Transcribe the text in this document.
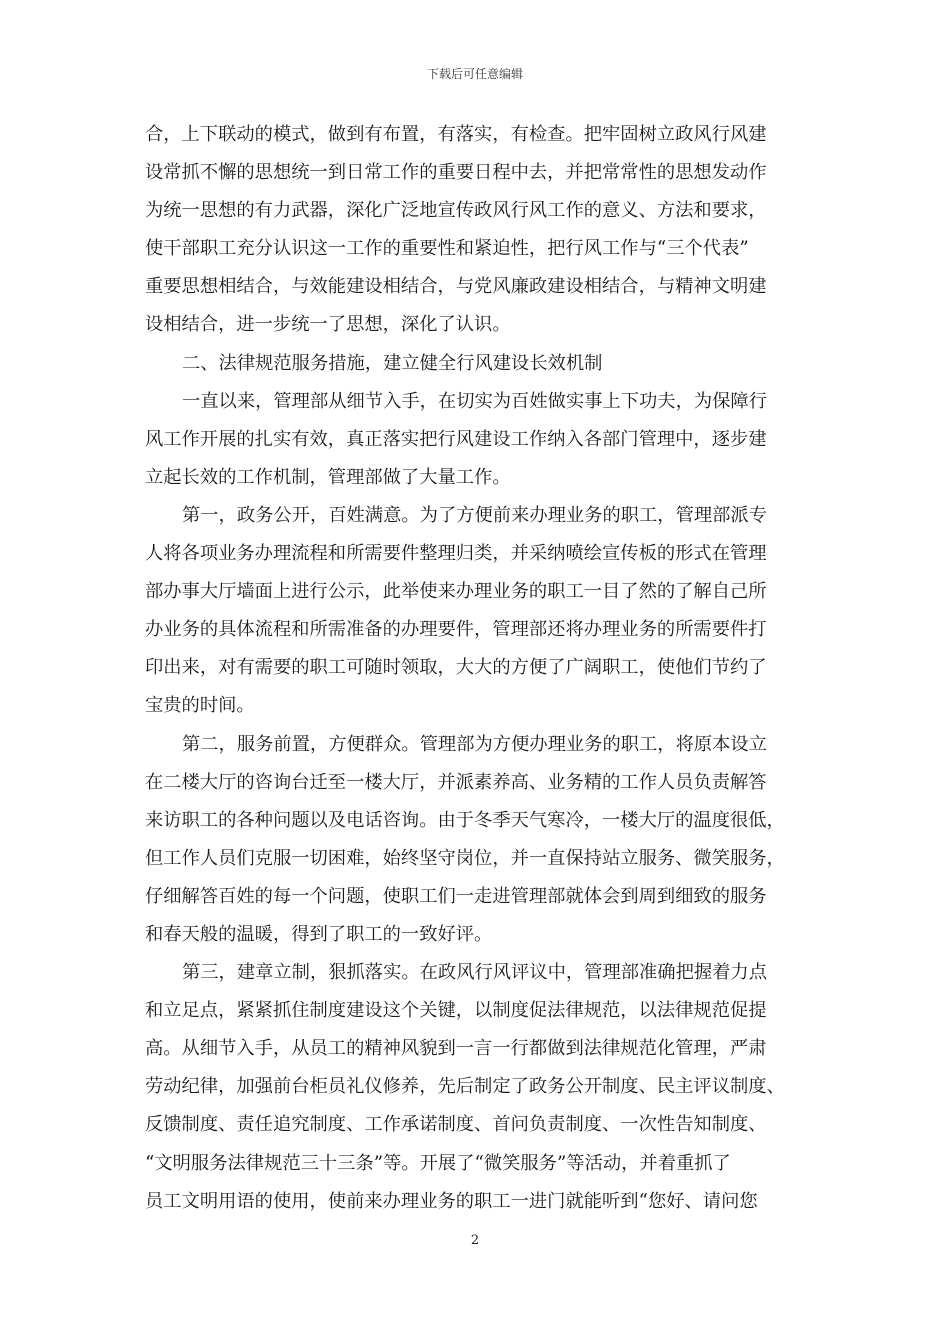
下载后可任意编辑
合，上下联动的模式，做到有布置，有落实，有检查。把牢固树立政风行风建
设常抓不懈的思想统一到日常工作的重要日程中去，并把常常性的思想发动作
为统一思想的有力武器，深化广泛地宣传政风行风工作的意义、方法和要求，
使干部职工充分认识这一工作的重要性和紧迫性，把行风工作与“三个代表”
重要思想相结合，与效能建设相结合，与党风廉政建设相结合，与精神文明建
设相结合，进一步统一了思想，深化了认识。
二、法律规范服务措施，建立健全行风建设长效机制
一直以来，管理部从细节入手，在切实为百姓做实事上下功夫，为保障行
风工作开展的扎实有效，真正落实把行风建设工作纳入各部门管理中，逐步建
立起长效的工作机制，管理部做了大量工作。
第一，政务公开，百姓满意。为了方便前来办理业务的职工，管理部派专
人将各项业务办理流程和所需要件整理归类，并采纳喷绘宣传板的形式在管理
部办事大厅墙面上进行公示，此举使来办理业务的职工一目了然的了解自己所
办业务的具体流程和所需准备的办理要件，管理部还将办理业务的所需要件打
印出来，对有需要的职工可随时领取，大大的方便了广阔职工，使他们节约了
宝贵的时间。
第二，服务前置，方便群众。管理部为方便办理业务的职工，将原本设立
在二楼大厅的咨询台迁至一楼大厅，并派素养高、业务精的工作人员负责解答
来访职工的各种问题以及电话咨询。由于冬季天气寒冷，一楼大厅的温度很低，
但工作人员们克服一切困难，始终坚守岗位，并一直保持站立服务、微笑服务，
仔细解答百姓的每一个问题，使职工们一走进管理部就体会到周到细致的服务
和春天般的温暖，得到了职工的一致好评。
第三，建章立制，狠抓落实。在政风行风评议中，管理部准确把握着力点
和立足点，紧紧抓住制度建设这个关键，以制度促法律规范，以法律规范促提
高。从细节入手，从员工的精神风貌到一言一行都做到法律规范化管理，严肃
劳动纪律，加强前台柜员礼仪修养，先后制定了政务公开制度、民主评议制度、
反馈制度、责任追究制度、工作承诺制度、首问负责制度、一次性告知制度、
“文明服务法律规范三十三条”等。开展了“微笑服务”等活动，并着重抓了
员工文明用语的使用，使前来办理业务的职工一进门就能听到“您好、请问您
2
